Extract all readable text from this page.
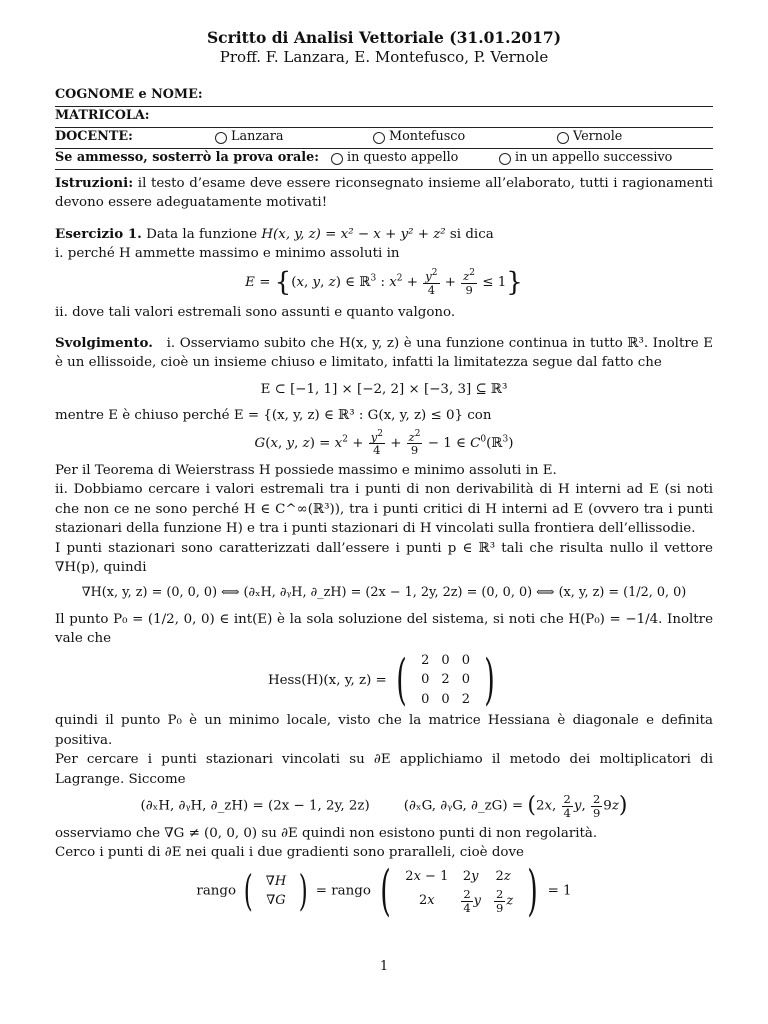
Scritto di Analisi Vettoriale (31.01.2017)
Proff. F. Lanzara, E. Montefusco, P. Vernole
COGNOME e NOME:
MATRICOLA:
DOCENTE:	Lanzara	Montefusco	Vernole
Se ammesso, sosterrò la prova orale: in questo appello	in un appello successivo

Istruzioni: il testo d’esame deve essere riconsegnato insieme all’elaborato, tutti i ragionamenti devono essere adeguatamente motivati!

Esercizio 1. Data la funzione H(x, y, z) = x² − x + y² + z² si dica

i. perché H ammette massimo e minimo assoluti in

E = {(x, y, z) ∈ ℝ$^3$ : $x^2 + \frac{y^2}{4} + \frac{z^2}{9} \le 1$}

ii. dove tali valori estremali sono assunti e quanto valgono.

Svolgimento. i. Osserviamo subito che H(x, y, z) è una funzione continua in tutto ℝ³. Inoltre E è un ellissoide, cioè un insieme chiuso e limitato, infatti la limitatezza segue dal fatto che

E ⊂ [−1, 1] × [−2, 2] × [−3, 3] ⊆ ℝ³

mentre E è chiuso perché E = {(x, y, z) ∈ ℝ³ : G(x, y, z) ≤ 0} con

G(x, y, $z) = x^2 + \frac{y^2}{4} + \frac{z^2}{9} - 1$ ∈ $C^0(ℝ^3)$

Per il Teorema di Weierstrass H possiede massimo e minimo assoluti in E.

ii. Dobbiamo cercare i valori estremali tra i punti di non derivabilità di H interni ad E (si noti che non ce ne sono perché H ∈ C^∞(ℝ³)), tra i punti critici di H interni ad E (ovvero tra i punti stazionari della funzione H) e tra i punti stazionari di H vincolati sulla frontiera dell’ellissodie.

I punti stazionari sono caratterizzati dall’essere i punti p ∈ ℝ³ tali che risulta nullo il vettore ∇H(p), quindi

∇H(x, y, z) = (0, 0, 0) ⟺ (∂ₓH, ∂ᵧH, ∂_zH) = (2x − 1, 2y, 2z) = (0, 0, 0) ⟺ (x, y, z) = (1/2, 0, 0)

Il punto P₀ = (1/2, 0, 0) ∈ int(E) è la sola soluzione del sistema, si noti che H(P₀) = −1/4. Inoltre vale che

Hess(H)(x, y, z) = ( 2	0	0
0	2	0
0	0	2 )

quindi il punto P₀ è un minimo locale, visto che la matrice Hessiana è diagonale e definita positiva.

Per cercare i punti stazionari vincolati su ∂E applichiamo il metodo dei moltiplicatori di Lagrange. Siccome

(∂ₓH, ∂ᵧH, ∂_zH) = (2x − 1, 2y, 2z)	(∂ₓG, ∂ᵧG, ∂_zG) = (2x, $\frac{2}{4} y$, $\frac{2}{9} 9z$)

osserviamo che ∇G ≠ (0, 0, 0) su ∂E quindi non esistono punti di non regolarità.

Cerco i punti di ∂E nei quali i due gradienti sono praralleli, cioè dove

rango ( ∇H
∇G ) = rango ( 2x − 1	2y	2z
2x	$\frac{2}{4}$ y	$\frac{2}{9}$ z ) = 1
1
